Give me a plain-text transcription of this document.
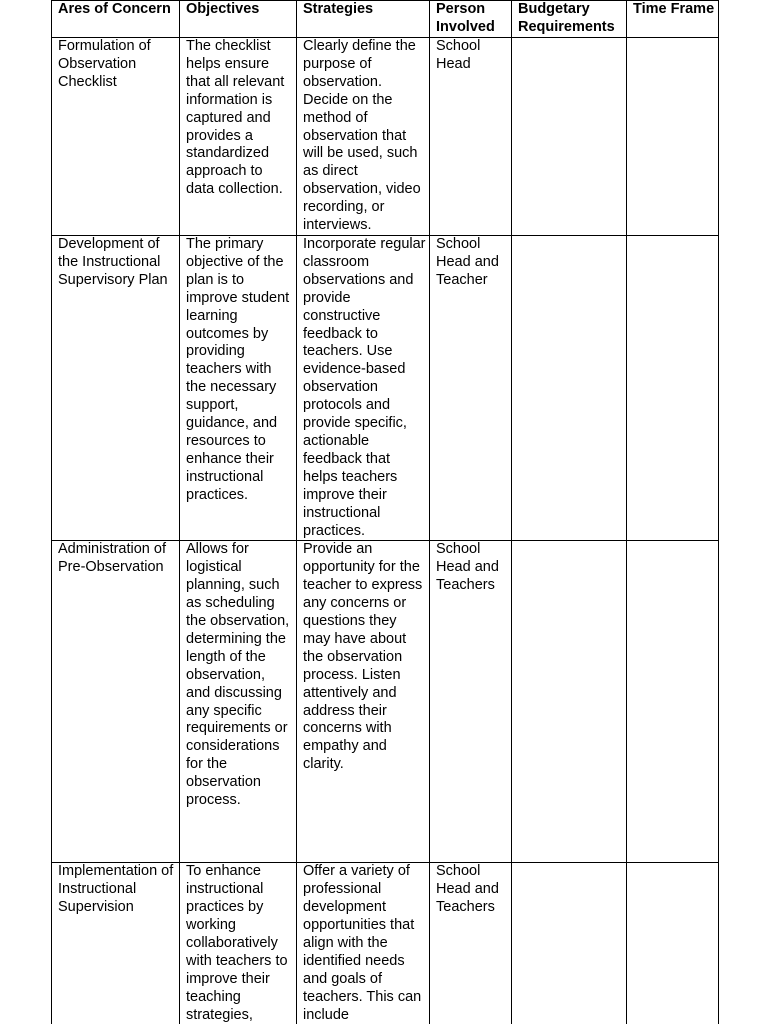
Ares of Concern	Objectives	Strategies	Person Involved	Budgetary Requirements	Time Frame
Formulation of Observation Checklist	The checklist helps ensure that all relevant information is captured and provides a standardized approach to data collection.	Clearly define the purpose of observation. Decide on the method of observation that will be used, such as direct observation, video recording, or interviews.	School Head		
Development of the Instructional Supervisory Plan	The primary objective of the plan is to improve student learning outcomes by providing teachers with the necessary support, guidance, and resources to enhance their instructional practices.	Incorporate regular classroom observations and provide constructive feedback to teachers. Use evidence-based observation protocols and provide specific, actionable feedback that helps teachers improve their instructional practices.	School Head and Teacher		
Administration of Pre-Observation	Allows for logistical planning, such as scheduling the observation, determining the length of the observation, and discussing any specific requirements or considerations for the observation process.	Provide an opportunity for the teacher to express any concerns or questions they may have about the observation process. Listen attentively and address their concerns with empathy and clarity.	School Head and Teachers		
Implementation of Instructional Supervision	To enhance instructional practices by working collaboratively with teachers to improve their teaching strategies,	Offer a variety of professional development opportunities that align with the identified needs and goals of teachers. This can include	School Head and Teachers		
